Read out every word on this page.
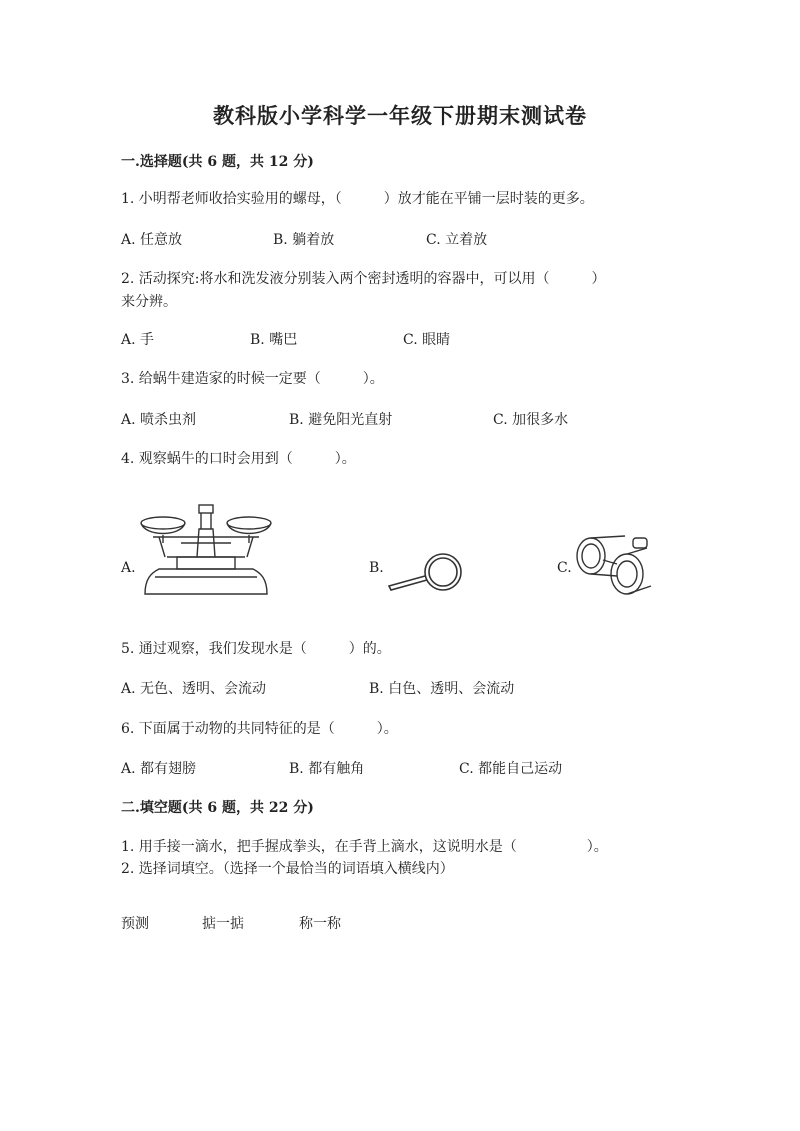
教科版小学科学一年级下册期末测试卷
一.选择题(共 6 题，共 12 分)
1. 小明帮老师收拾实验用的螺母，（　　　）放才能在平铺一层时装的更多。
A. 任意放	B. 躺着放	C. 立着放
2. 活动探究:将水和洗发液分别装入两个密封透明的容器中，可以用（　　　）
来分辨。
A. 手	B. 嘴巴	C. 眼睛
3. 给蜗牛建造家的时候一定要（　　　）。
A. 喷杀虫剂	B. 避免阳光直射	C. 加很多水
4. 观察蜗牛的口时会用到（　　　）。
A.	B.	C.
5. 通过观察，我们发现水是（　　　）的。
A. 无色、透明、会流动	B. 白色、透明、会流动
6. 下面属于动物的共同特征的是（　　　）。
A. 都有翅膀	B. 都有触角	C. 都能自己运动
二.填空题(共 6 题，共 22 分)
1. 用手接一滴水，把手握成拳头，在手背上滴水，这说明水是（　　　　　）。
2. 选择词填空。（选择一个最恰当的词语填入横线内）
预测	掂一掂	称一称
